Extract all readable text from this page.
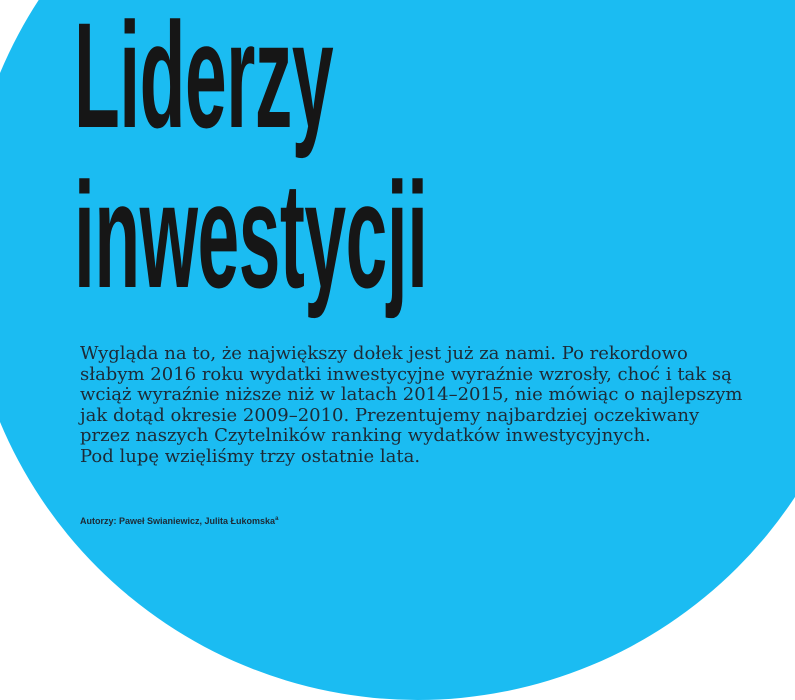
Liderzy
inwestycji

Wygląda na to, że największy dołek jest już za nami. Po rekordowo
słabym 2016 roku wydatki inwestycyjne wyraźnie wzrosły, choć i tak są
wciąż wyraźnie niższe niż w latach 2014–2015, nie mówiąc o najlepszym
jak dotąd okresie 2009–2010. Prezentujemy najbardziej oczekiwany
przez naszych Czytelników ranking wydatków inwestycyjnych.
Pod lupę wzięliśmy trzy ostatnie lata.

Autorzy: Paweł Swianiewicz, Julita Łukomska$^a$
